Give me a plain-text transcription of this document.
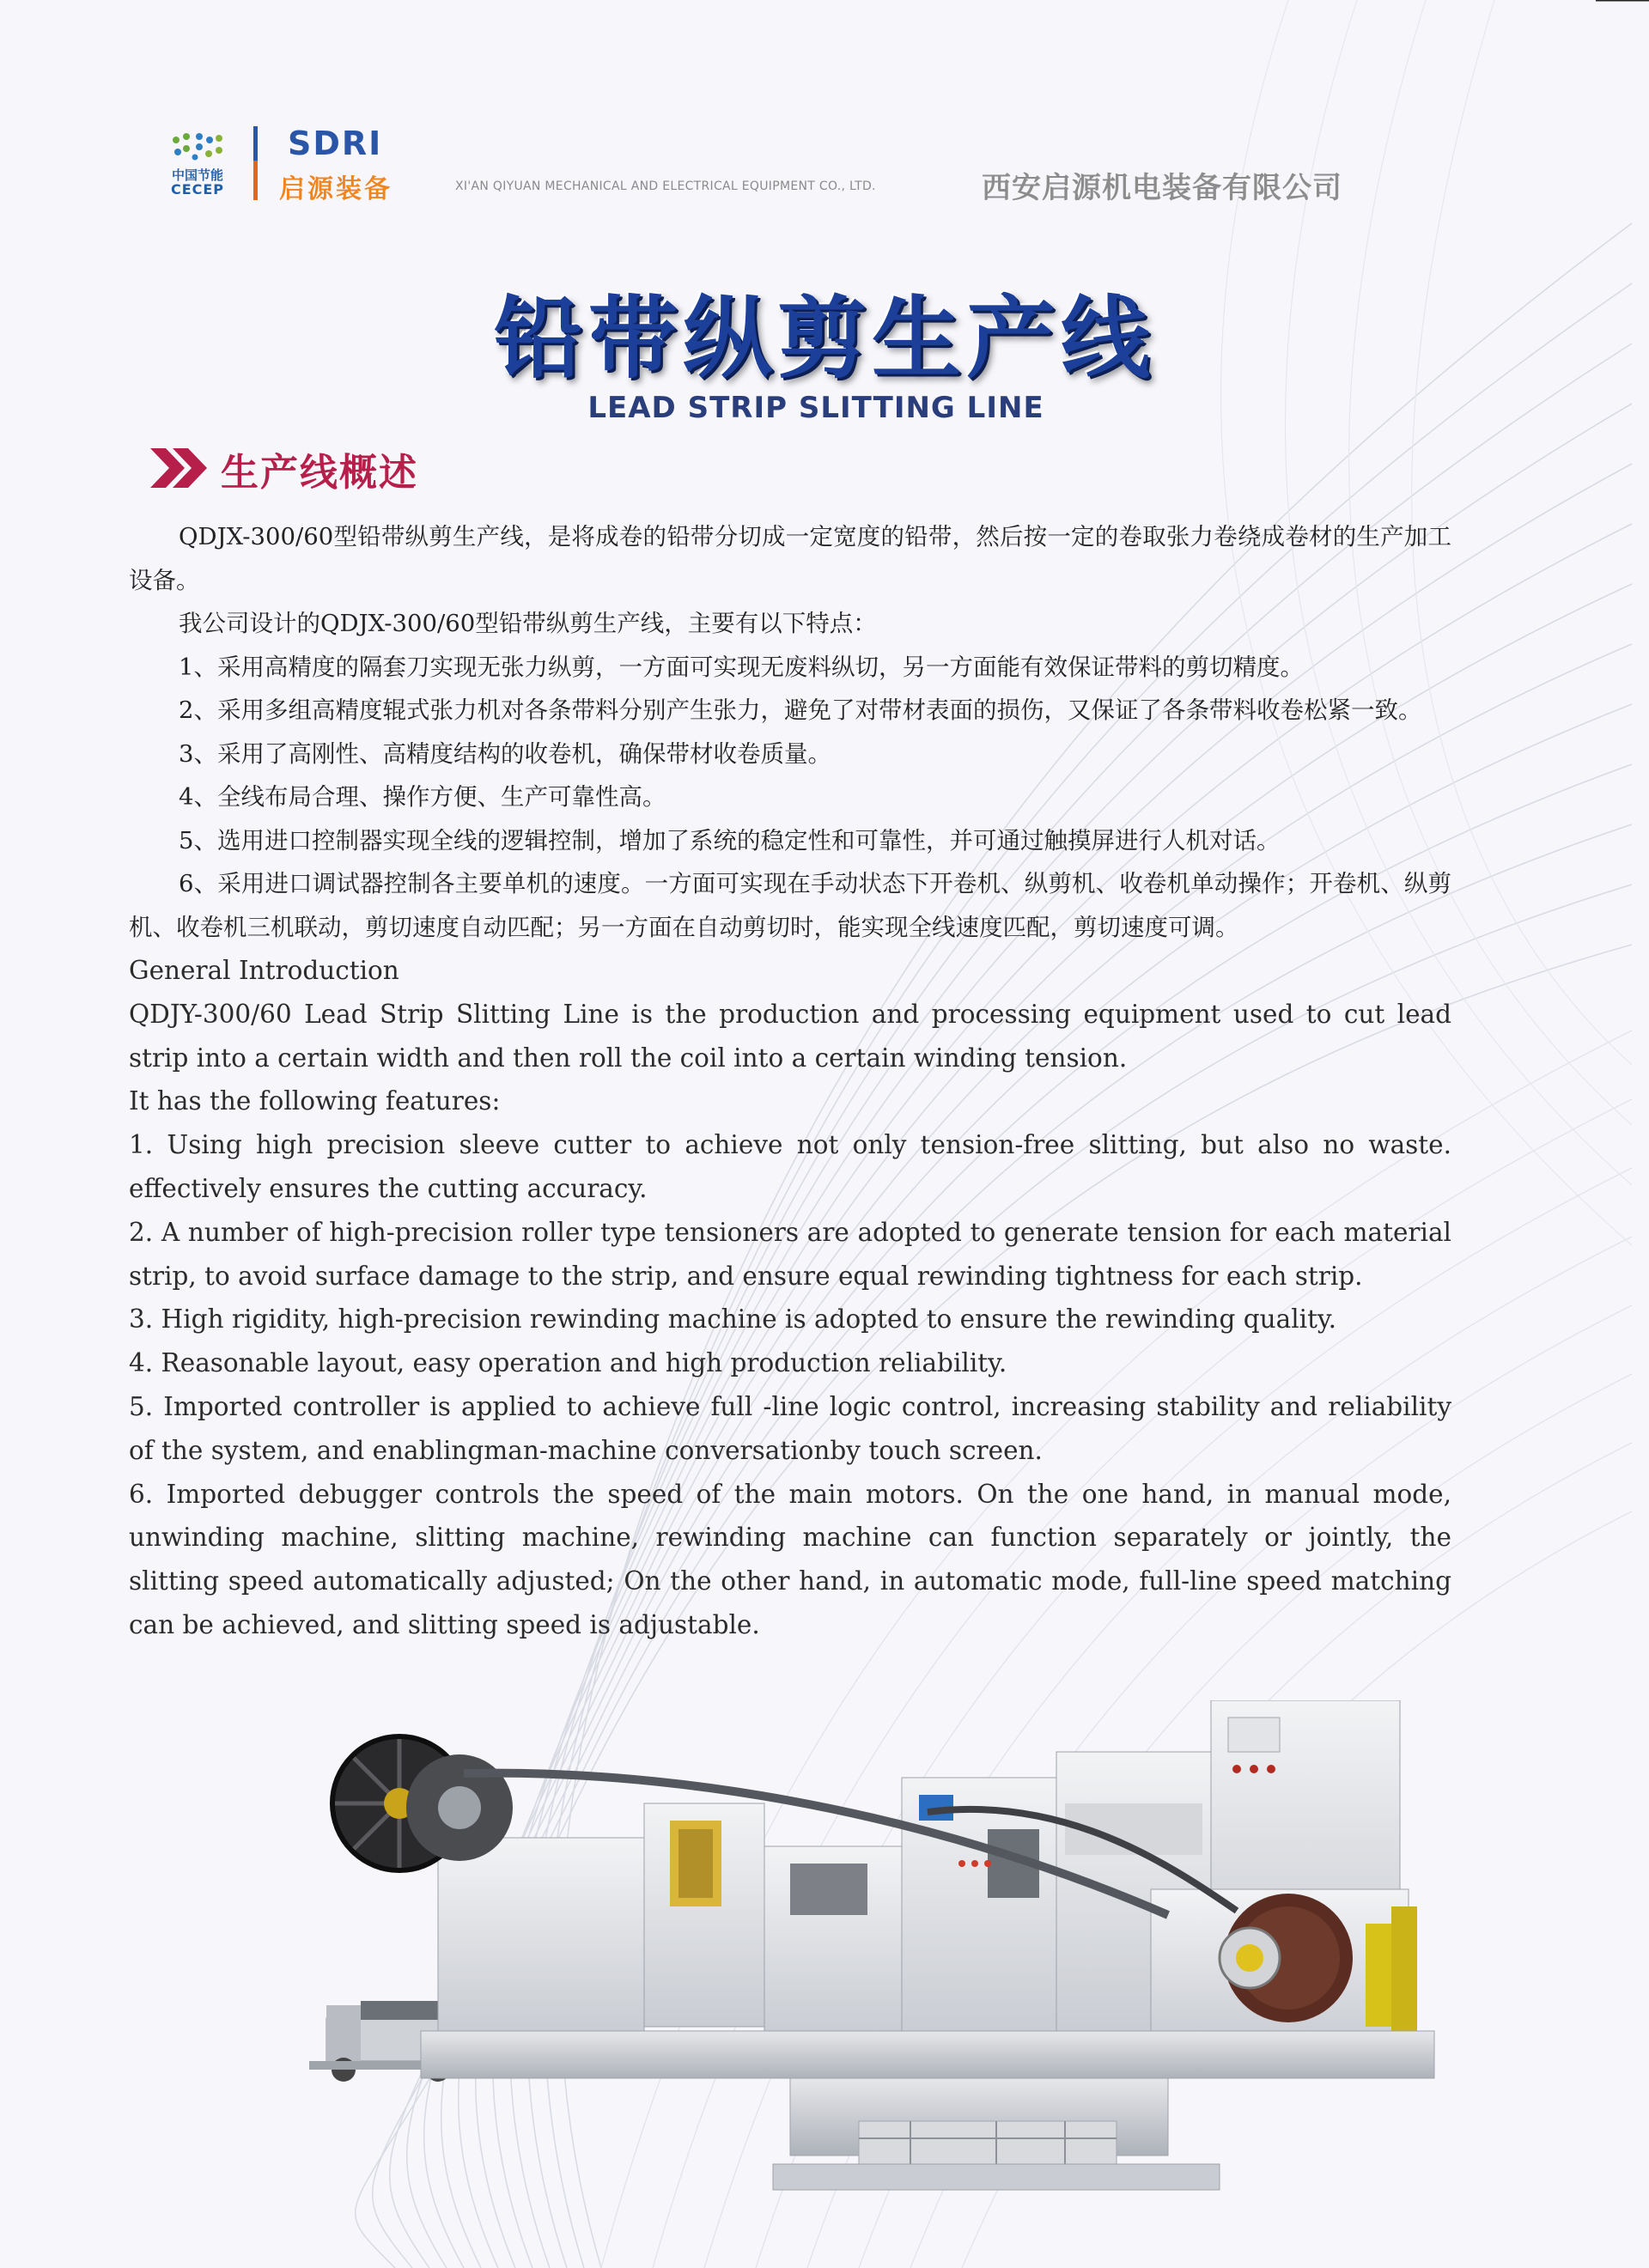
中国节能
CECEP
SDRI
启源装备	XI'AN QIYUAN MECHANICAL AND ELECTRICAL EQUIPMENT CO., LTD.	西安启源机电装备有限公司
铅带纵剪生产线
LEAD STRIP SLITTING LINE
生产线概述

QDJX-300/60型铅带纵剪生产线，是将成卷的铅带分切成一定宽度的铅带，然后按一定的卷取张力卷绕成卷材的生产加工设备。

我公司设计的QDJX-300/60型铅带纵剪生产线，主要有以下特点：

1、采用高精度的隔套刀实现无张力纵剪，一方面可实现无废料纵切，另一方面能有效保证带料的剪切精度。

2、采用多组高精度辊式张力机对各条带料分别产生张力，避免了对带材表面的损伤，又保证了各条带料收卷松紧一致。

3、采用了高刚性、高精度结构的收卷机，确保带材收卷质量。

4、全线布局合理、操作方便、生产可靠性高。

5、选用进口控制器实现全线的逻辑控制，增加了系统的稳定性和可靠性，并可通过触摸屏进行人机对话。

6、采用进口调试器控制各主要单机的速度。一方面可实现在手动状态下开卷机、纵剪机、收卷机单动操作；开卷机、纵剪机、收卷机三机联动，剪切速度自动匹配；另一方面在自动剪切时，能实现全线速度匹配，剪切速度可调。

General Introduction

QDJY-300/60 Lead Strip Slitting Line is the production and processing equipment used to cut lead strip into a certain width and then roll the coil into a certain winding tension.

It has the following features:

1. Using high precision sleeve cutter to achieve not only tension-free slitting, but also no waste. effectively ensures the cutting accuracy.

2. A number of high-precision roller type tensioners are adopted to generate tension for each material strip, to avoid surface damage to the strip, and ensure equal rewinding tightness for each strip.

3. High rigidity, high-precision rewinding machine is adopted to ensure the rewinding quality.

4. Reasonable layout, easy operation and high production reliability.

5. Imported controller is applied to achieve full -line logic control, increasing stability and reliability of the system, and enablingman-machine conversationby touch screen.

6. Imported debugger controls the speed of the main motors. On the one hand, in manual mode, unwinding machine, slitting machine, rewinding machine can function separately or jointly, the slitting speed automatically adjusted; On the other hand, in automatic mode, full-line speed matching can be achieved, and slitting speed is adjustable.
